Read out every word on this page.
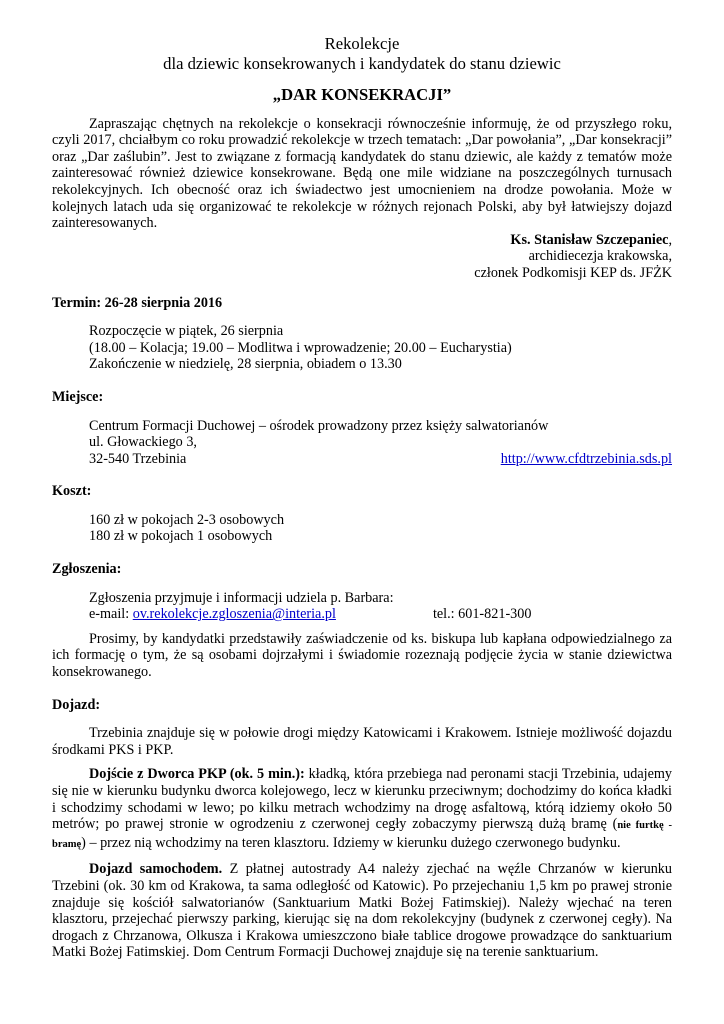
Rekolekcje
dla dziewic konsekrowanych i kandydatek do stanu dziewic
„DAR KONSEKRACJI”

Zapraszając chętnych na rekolekcje o konsekracji równocześnie informuję, że od przyszłego roku, czyli 2017, chciałbym co roku prowadzić rekolekcje w trzech tematach: „Dar powołania”, „Dar konsekracji” oraz „Dar zaślubin”. Jest to związane z formacją kandydatek do stanu dziewic, ale każdy z tematów może zainteresować również dziewice konsekrowane. Będą one mile widziane na poszczególnych turnusach rekolekcyjnych. Ich obecność oraz ich świadectwo jest umocnieniem na drodze powołania. Może w kolejnych latach uda się organizować te rekolekcje w różnych rejonach Polski, aby był łatwiejszy dojazd zainteresowanych.

Ks. Stanisław Szczepaniec,
archidiecezja krakowska,
członek Podkomisji KEP ds. JFŻK
Termin: 26-28 sierpnia 2016
Rozpoczęcie w piątek, 26 sierpnia
(18.00 – Kolacja; 19.00 – Modlitwa i wprowadzenie; 20.00 – Eucharystia)
Zakończenie w niedzielę, 28 sierpnia, obiadem o 13.30
Miejsce:
Centrum Formacji Duchowej – ośrodek prowadzony przez księży salwatorianów
ul. Głowackiego 3,
32-540 Trzebinia	http://www.cfdtrzebinia.sds.pl
Koszt:
160 zł w pokojach 2-3 osobowych
180 zł w pokojach 1 osobowych
Zgłoszenia:
Zgłoszenia przyjmuje i informacji udziela p. Barbara:
e-mail: ov.rekolekcje.zgloszenia@interia.pl	tel.: 601-821-300

Prosimy, by kandydatki przedstawiły zaświadczenie od ks. biskupa lub kapłana odpowiedzialnego za ich formację o tym, że są osobami dojrzałymi i świadomie rozeznają podjęcie życia w stanie dziewictwa konsekrowanego.

Dojazd:

Trzebinia znajduje się w połowie drogi między Katowicami i Krakowem. Istnieje możliwość dojazdu środkami PKS i PKP.

Dojście z Dworca PKP (ok. 5 min.): kładką, która przebiega nad peronami stacji Trzebinia, udajemy się nie w kierunku budynku dworca kolejowego, lecz w kierunku przeciwnym; dochodzimy do końca kładki i schodzimy schodami w lewo; po kilku metrach wchodzimy na drogę asfaltową, którą idziemy około 50 metrów; po prawej stronie w ogrodzeniu z czerwonej cegły zobaczymy pierwszą dużą bramę (nie furtkę - bramę) – przez nią wchodzimy na teren klasztoru. Idziemy w kierunku dużego czerwonego budynku.

Dojazd samochodem. Z płatnej autostrady A4 należy zjechać na węźle Chrzanów w kierunku Trzebini (ok. 30 km od Krakowa, ta sama odległość od Katowic). Po przejechaniu 1,5 km po prawej stronie znajduje się kościół salwatorianów (Sanktuarium Matki Bożej Fatimskiej). Należy wjechać na teren klasztoru, przejechać pierwszy parking, kierując się na dom rekolekcyjny (budynek z czerwonej cegły). Na drogach z Chrzanowa, Olkusza i Krakowa umieszczono białe tablice drogowe prowadzące do sanktuarium Matki Bożej Fatimskiej. Dom Centrum Formacji Duchowej znajduje się na terenie sanktuarium.
